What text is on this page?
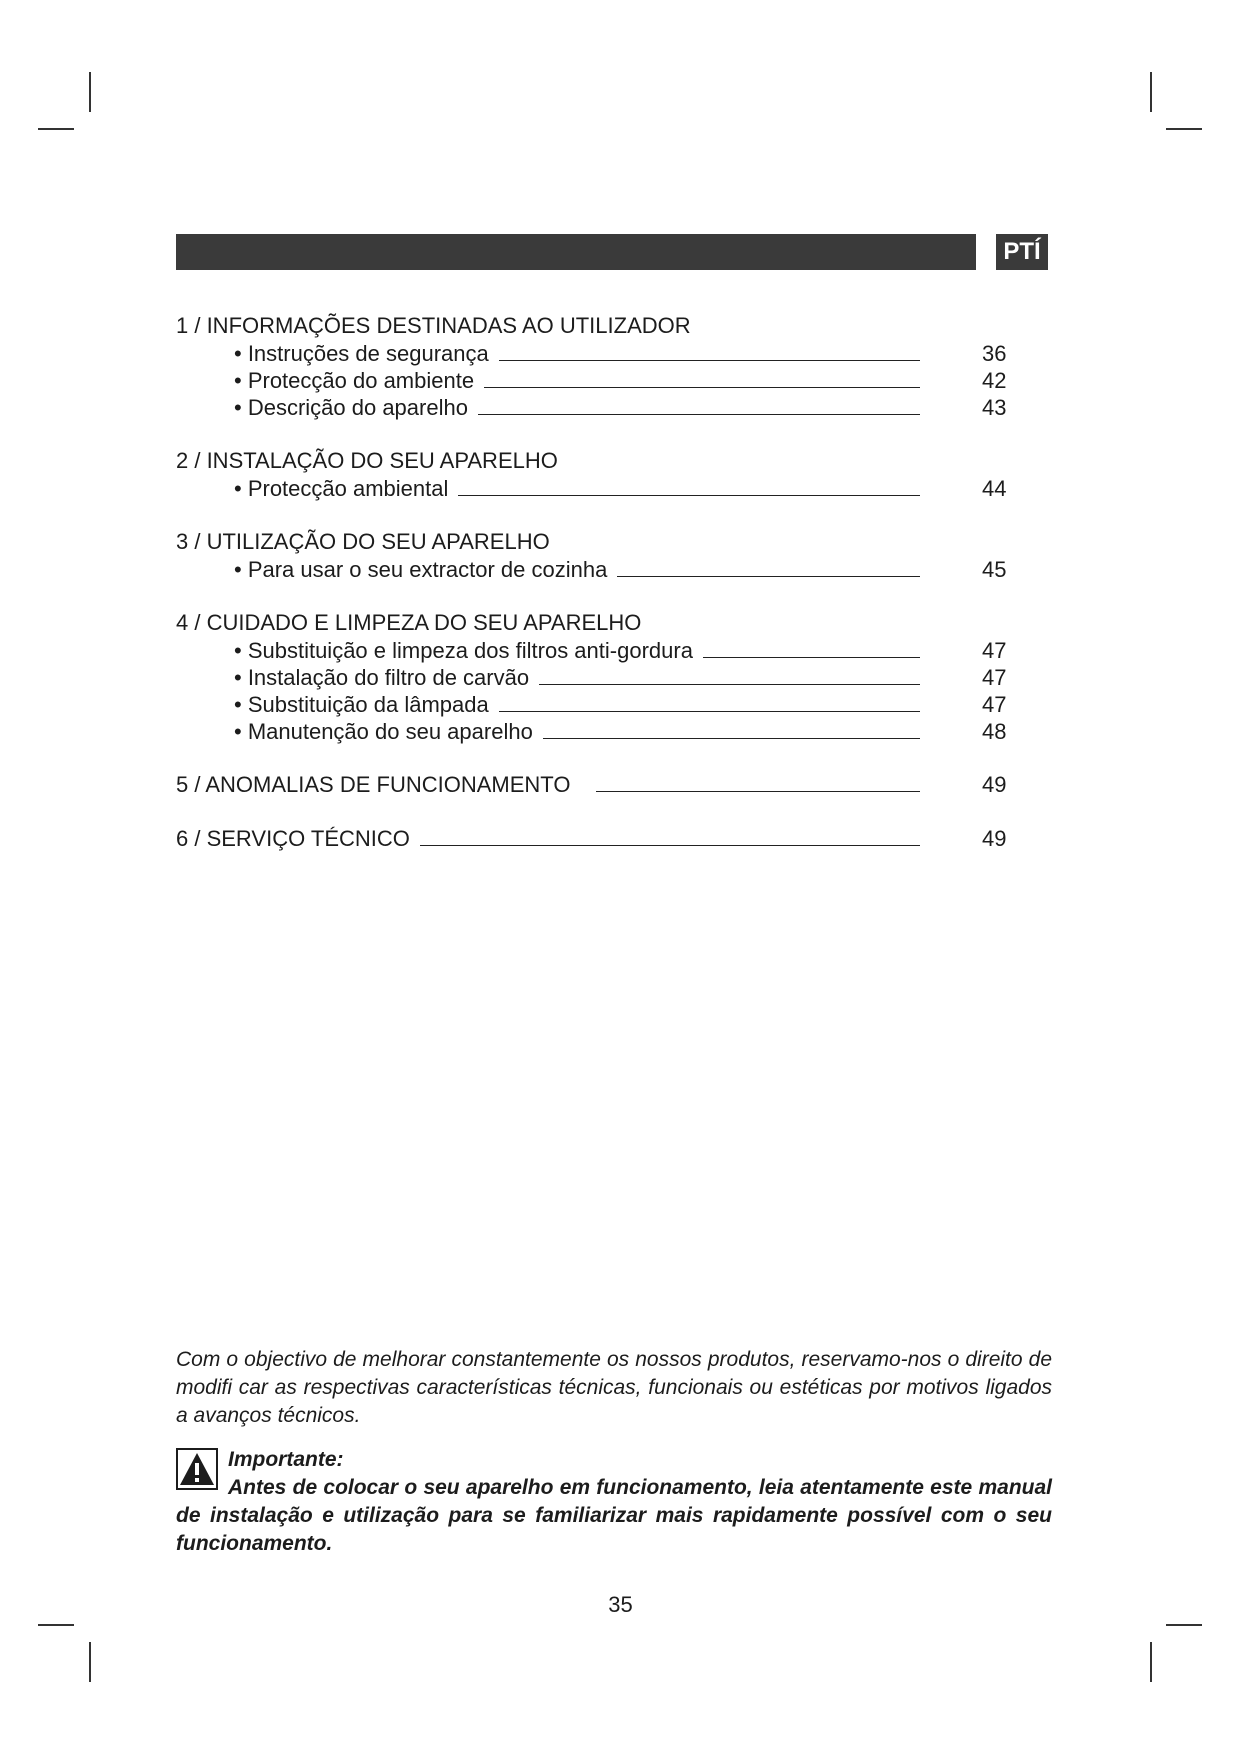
PTÍ
1 / INFORMAÇÕES DESTINADAS AO UTILIZADOR
• Instruções de segurança	36
• Protecção do ambiente	42
• Descrição do aparelho	43
2 / INSTALAÇÃO DO SEU APARELHO
• Protecção ambiental	44
3 / UTILIZAÇÃO DO SEU APARELHO
• Para usar o seu extractor de cozinha	45
4 / CUIDADO E LIMPEZA DO SEU APARELHO
• Substituição e limpeza dos filtros anti-gordura	47
• Instalação do filtro de carvão	47
• Substituição da lâmpada	47
• Manutenção do seu aparelho	48
5 / ANOMALIAS DE FUNCIONAMENTO	49
6 / SERVIÇO TÉCNICO	49
Com o objectivo de melhorar constantemente os nossos produtos, reservamo-nos o direito de modifi car as respectivas características técnicas, funcionais ou estéticas por motivos ligados a avanços técnicos.
Importante:
Antes de colocar o seu aparelho em funcionamento, leia atentamente este manual de instalação e utilização para se familiarizar mais rapidamente possível com o seu funcionamento.
35
